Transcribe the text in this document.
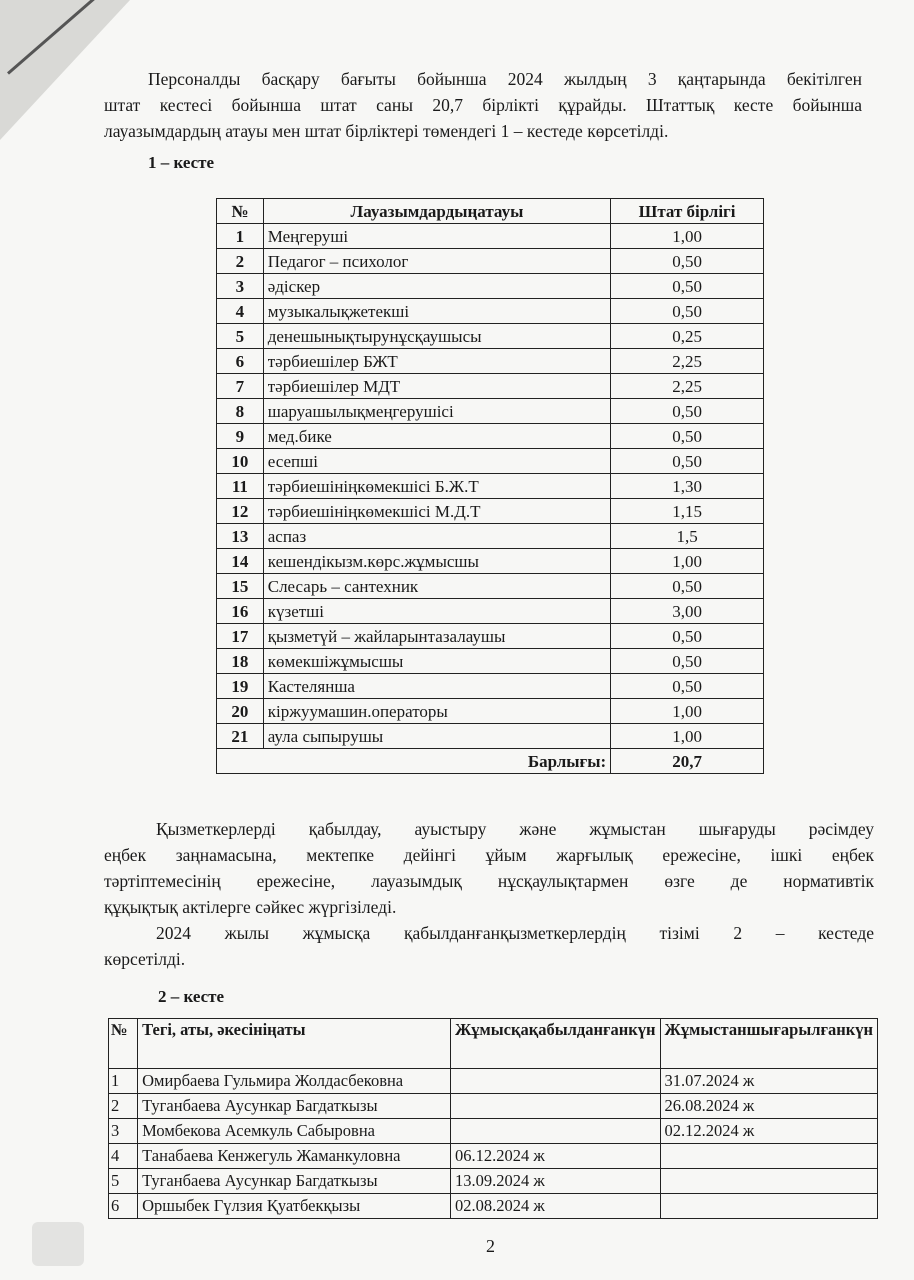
Персоналды басқару бағыты бойынша 2024 жылдың 3 қаңтарында бекітілген
штат кестесі бойынша штат саны 20,7 бірлікті құрайды. Штаттық кесте бойынша
лауазымдардың атауы мен штат бірліктері төмендегі 1 – кестеде көрсетілді.
1 – кесте
№	Лауазымдардыңатауы	Штат бірлігі
1	Меңгеруші	1,00
2	Педагог – психолог	0,50
3	әдіскер	0,50
4	музыкалықжетекші	0,50
5	денешынықтырунұсқаушысы	0,25
6	тәрбиешілер БЖТ	2,25
7	тәрбиешілер МДТ	2,25
8	шаруашылықмеңгерушісі	0,50
9	мед.бике	0,50
10	есепші	0,50
11	тәрбиешініңкөмекшісі Б.Ж.Т	1,30
12	тәрбиешініңкөмекшісі М.Д.Т	1,15
13	аспаз	1,5
14	кешендікызм.көрс.жұмысшы	1,00
15	Слесарь – сантехник	0,50
16	күзетші	3,00
17	қызметүй – жайларынтазалаушы	0,50
18	көмекшіжұмысшы	0,50
19	Кастелянша	0,50
20	кіржуумашин.операторы	1,00
21	аула сыпырушы	1,00
	Барлығы:	20,7
Қызметкерлерді қабылдау, ауыстыру және жұмыстан шығаруды рәсімдеу
еңбек заңнамасына, мектепке дейінгі ұйым жарғылық ережесіне, ішкі еңбек
тәртіптемесінің ережесіне, лауазымдық нұсқаулықтармен өзге де нормативтік
құқықтық актілерге сәйкес жүргізіледі.
2024 жылы жұмысқа қабылданғанқызметкерлердің тізімі 2 – кестеде
көрсетілді.
2 – кесте
№	Тегі, аты, әкесініңаты	Жұмысқақабылданғанкүн	Жұмыстаншығарылғанкүн
1	Омирбаева Гульмира Жолдасбековна		31.07.2024 ж
2	Туганбаева Аусункар Багдаткызы		26.08.2024 ж
3	Момбекова Асемкуль Сабыровна		02.12.2024 ж
4	Танабаева Кенжегуль Жаманкуловна	06.12.2024 ж	
5	Туганбаева Аусункар Багдаткызы	13.09.2024 ж	
6	Оршыбек Гүлзия Қуатбекқызы	02.08.2024 ж	
2
